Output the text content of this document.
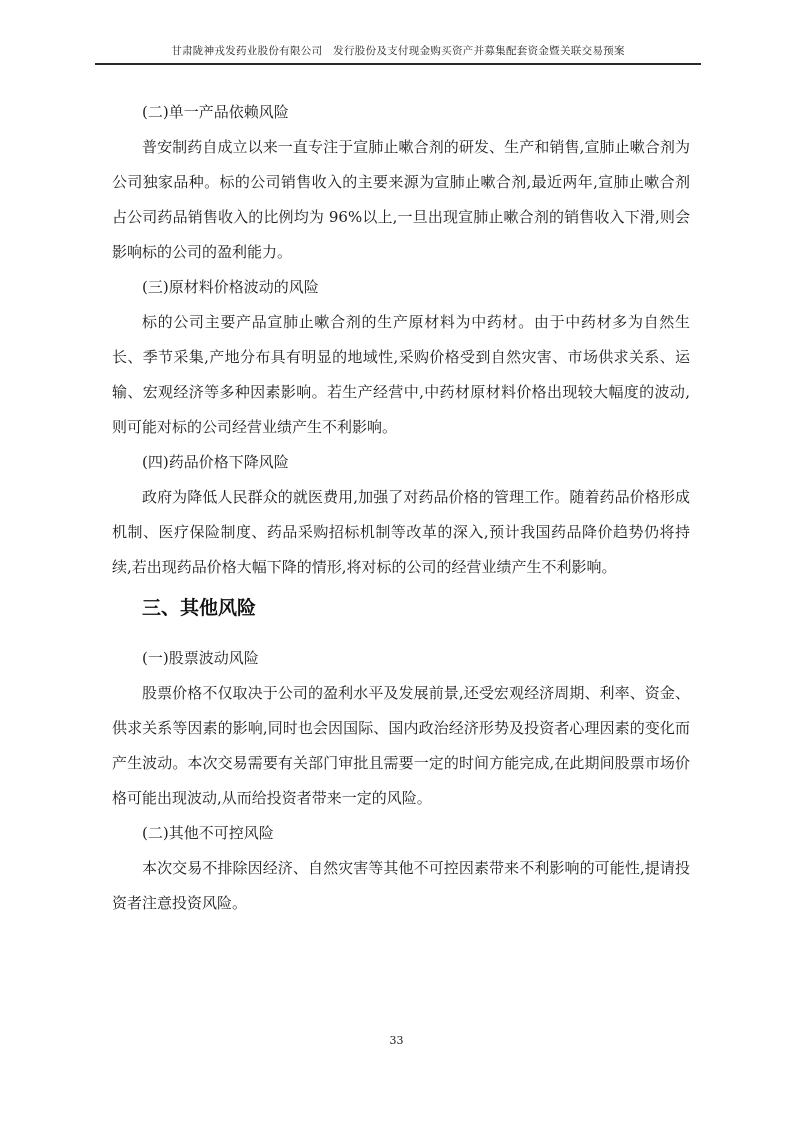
甘肃陇神戎发药业股份有限公司　发行股份及支付现金购买资产并募集配套资金暨关联交易预案
(二)单一产品依赖风险

普安制药自成立以来一直专注于宣肺止嗽合剂的研发、生产和销售,宣肺止嗽合剂为公司独家品种。标的公司销售收入的主要来源为宣肺止嗽合剂,最近两年,宣肺止嗽合剂占公司药品销售收入的比例均为 96%以上,一旦出现宣肺止嗽合剂的销售收入下滑,则会影响标的公司的盈利能力。

(三)原材料价格波动的风险

标的公司主要产品宣肺止嗽合剂的生产原材料为中药材。由于中药材多为自然生长、季节采集,产地分布具有明显的地域性,采购价格受到自然灾害、市场供求关系、运输、宏观经济等多种因素影响。若生产经营中,中药材原材料价格出现较大幅度的波动,则可能对标的公司经营业绩产生不利影响。

(四)药品价格下降风险

政府为降低人民群众的就医费用,加强了对药品价格的管理工作。随着药品价格形成机制、医疗保险制度、药品采购招标机制等改革的深入,预计我国药品降价趋势仍将持续,若出现药品价格大幅下降的情形,将对标的公司的经营业绩产生不利影响。

三、其他风险
(一)股票波动风险

股票价格不仅取决于公司的盈利水平及发展前景,还受宏观经济周期、利率、资金、供求关系等因素的影响,同时也会因国际、国内政治经济形势及投资者心理因素的变化而产生波动。本次交易需要有关部门审批且需要一定的时间方能完成,在此期间股票市场价格可能出现波动,从而给投资者带来一定的风险。

(二)其他不可控风险

本次交易不排除因经济、自然灾害等其他不可控因素带来不利影响的可能性,提请投资者注意投资风险。

33
